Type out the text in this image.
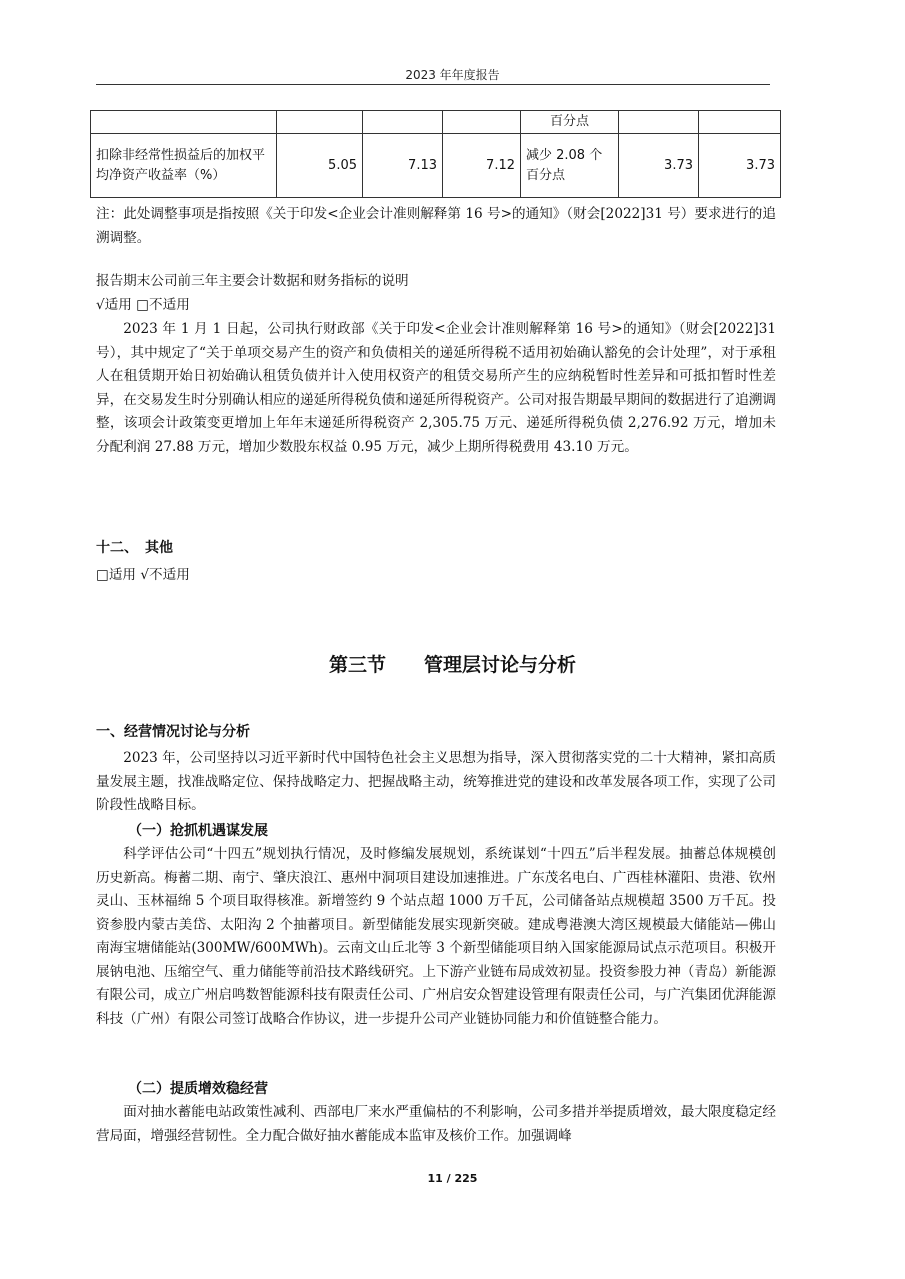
2023 年年度报告
				百分点		
扣除非经常性损益后的加权平均净资产收益率（%）	5.05	7.13	7.12	减少 2.08 个百分点	3.73	3.73
注：此处调整事项是指按照《关于印发<企业会计准则解释第 16 号>的通知》（财会[2022]31 号）要求进行的追溯调整。
报告期末公司前三年主要会计数据和财务指标的说明
√适用 □不适用
2023 年 1 月 1 日起，公司执行财政部《关于印发<企业会计准则解释第 16 号>的通知》（财会[2022]31 号），其中规定了“关于单项交易产生的资产和负债相关的递延所得税不适用初始确认豁免的会计处理”，对于承租人在租赁期开始日初始确认租赁负债并计入使用权资产的租赁交易所产生的应纳税暂时性差异和可抵扣暂时性差异，在交易发生时分别确认相应的递延所得税负债和递延所得税资产。公司对报告期最早期间的数据进行了追溯调整，该项会计政策变更增加上年年末递延所得税资产 2,305.75 万元、递延所得税负债 2,276.92 万元，增加未分配利润 27.88 万元，增加少数股东权益 0.95 万元，减少上期所得税费用 43.10 万元。
十二、　其他
□适用 √不适用
第三节　　管理层讨论与分析
一、经营情况讨论与分析
2023 年，公司坚持以习近平新时代中国特色社会主义思想为指导，深入贯彻落实党的二十大精神，紧扣高质量发展主题，找准战略定位、保持战略定力、把握战略主动，统筹推进党的建设和改革发展各项工作，实现了公司阶段性战略目标。
（一）抢抓机遇谋发展
科学评估公司“十四五”规划执行情况，及时修编发展规划，系统谋划“十四五”后半程发展。抽蓄总体规模创历史新高。梅蓄二期、南宁、肇庆浪江、惠州中洞项目建设加速推进。广东茂名电白、广西桂林灌阳、贵港、钦州灵山、玉林福绵 5 个项目取得核准。新增签约 9 个站点超 1000 万千瓦，公司储备站点规模超 3500 万千瓦。投资参股内蒙古美岱、太阳沟 2 个抽蓄项目。新型储能发展实现新突破。建成粤港澳大湾区规模最大储能站—佛山南海宝塘储能站(300MW/600MWh)。云南文山丘北等 3 个新型储能项目纳入国家能源局试点示范项目。积极开展钠电池、压缩空气、重力储能等前沿技术路线研究。上下游产业链布局成效初显。投资参股力神（青岛）新能源有限公司，成立广州启鸣数智能源科技有限责任公司、广州启安众智建设管理有限责任公司，与广汽集团优湃能源科技（广州）有限公司签订战略合作协议，进一步提升公司产业链协同能力和价值链整合能力。
（二）提质增效稳经营
面对抽水蓄能电站政策性减利、西部电厂来水严重偏枯的不利影响，公司多措并举提质增效，最大限度稳定经营局面，增强经营韧性。全力配合做好抽水蓄能成本监审及核价工作。加强调峰
11 / 225
